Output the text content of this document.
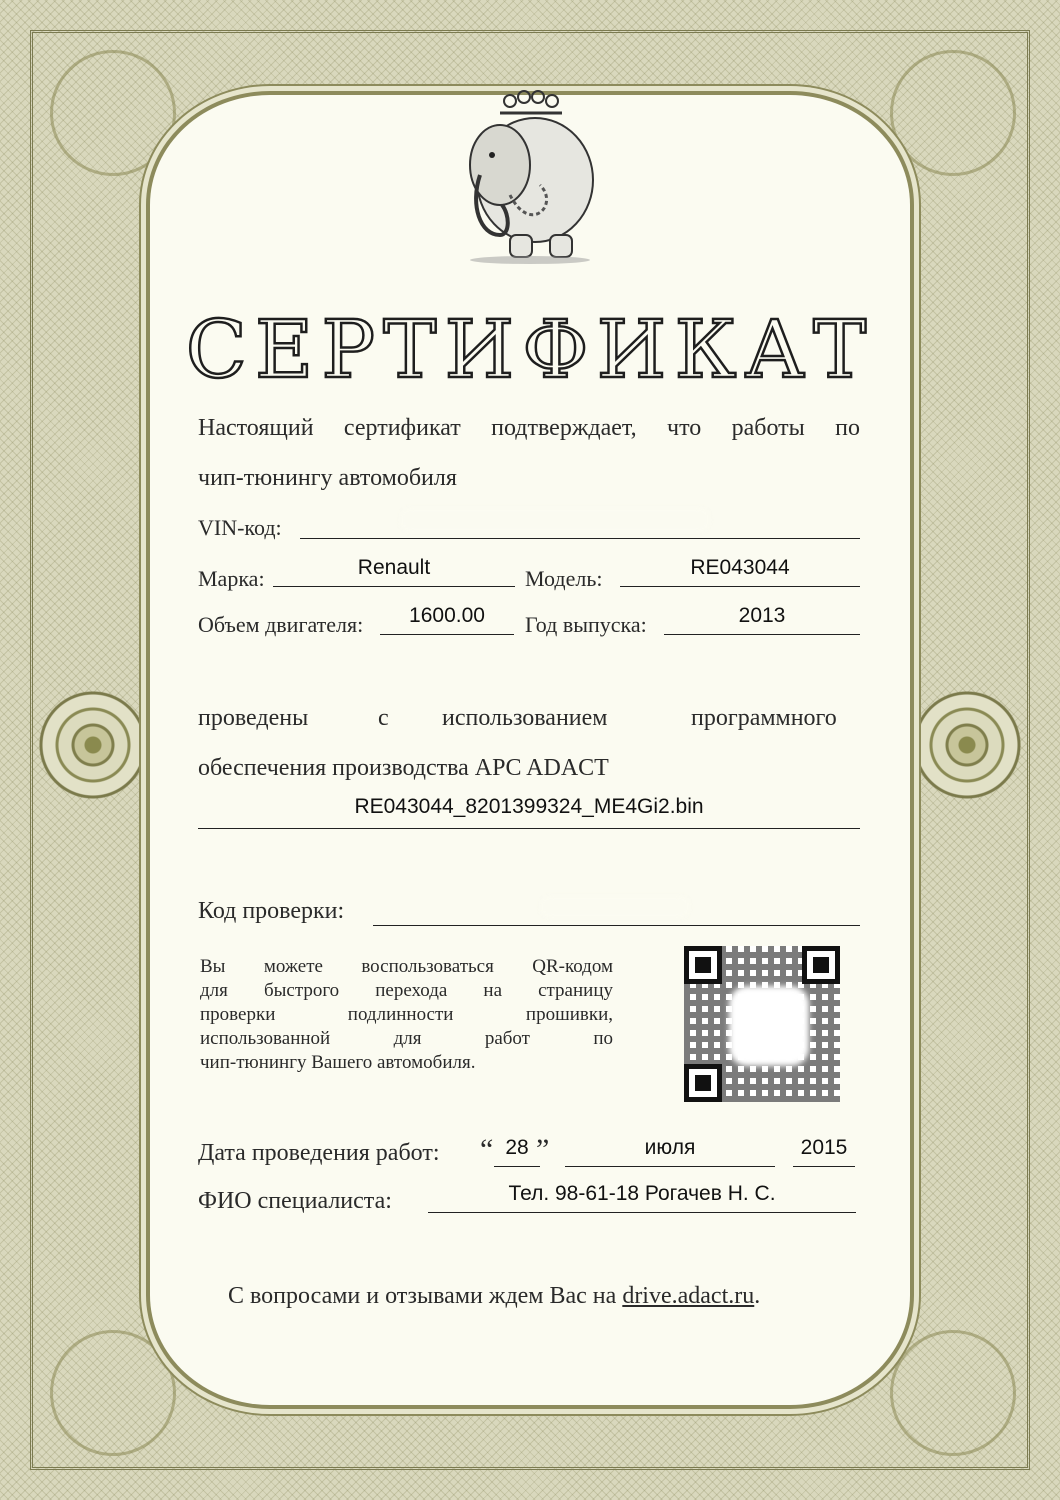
СЕРТИФИКАТ
Настоящий сертификат подтверждает, что работы по
чип-тюнингу автомобиля
VIN-код:
Марка:	Renault	Модель:	RE043044
Объем двигателя:	1600.00	Год выпуска:	2013
проведены	с использованием	программного
обеспечения производства APC ADACT
RE043044_8201399324_ME4Gi2.bin
Код проверки:
Вы можете воспользоваться QR-кодом
для быстрого перехода на страницу
проверки подлинности прошивки,
использованной для работ по
чип-тюнингу Вашего автомобиля.
Дата проведения работ: “ 28 ”	июля	2015
ФИО специалиста:	Тел. 98-61-18 Рогачев Н. С.
С вопросами и отзывами ждем Вас на drive.adact.ru.
